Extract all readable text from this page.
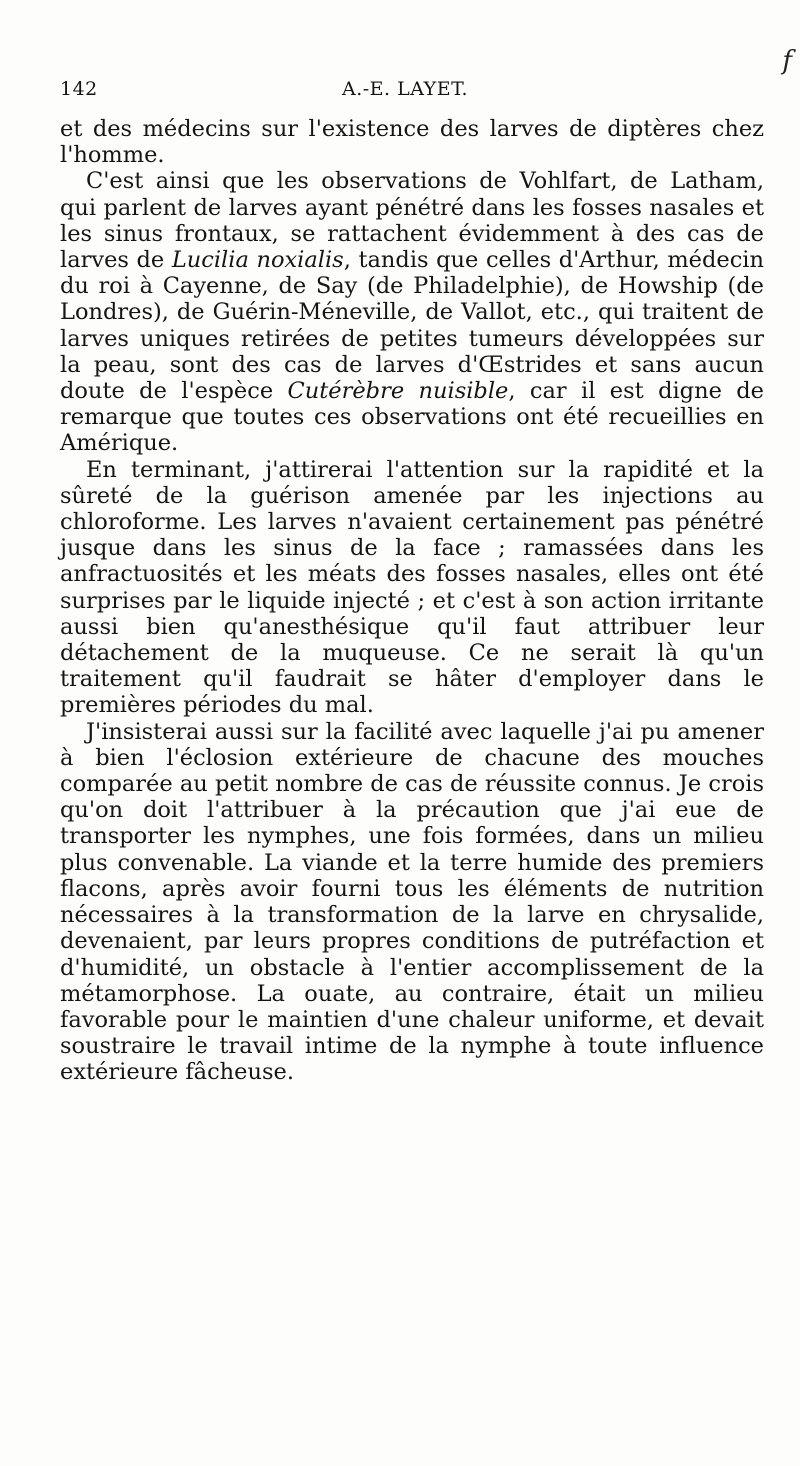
f
142	A.-E. LAYET.

et des médecins sur l'existence des larves de diptères chez l'homme.

C'est ainsi que les observations de Vohlfart, de Latham, qui parlent de larves ayant pénétré dans les fosses nasales et les sinus frontaux, se rattachent évidemment à des cas de larves de Lucilia noxialis, tandis que celles d'Arthur, médecin du roi à Cayenne, de Say (de Philadelphie), de Howship (de Londres), de Guérin-Méneville, de Vallot, etc., qui traitent de larves uniques retirées de petites tumeurs développées sur la peau, sont des cas de larves d'Œstrides et sans aucun doute de l'espèce Cutérèbre nuisible, car il est digne de remarque que toutes ces observations ont été recueillies en Amérique.

En terminant, j'attirerai l'attention sur la rapidité et la sûreté de la guérison amenée par les injections au chloroforme. Les larves n'avaient certainement pas pénétré jusque dans les sinus de la face ; ramassées dans les anfractuosités et les méats des fosses nasales, elles ont été surprises par le liquide injecté ; et c'est à son action irritante aussi bien qu'anesthésique qu'il faut attribuer leur détachement de la muqueuse. Ce ne serait là qu'un traitement qu'il faudrait se hâter d'employer dans le premières périodes du mal.

J'insisterai aussi sur la facilité avec laquelle j'ai pu amener à bien l'éclosion extérieure de chacune des mouches comparée au petit nombre de cas de réussite connus. Je crois qu'on doit l'attribuer à la précaution que j'ai eue de transporter les nymphes, une fois formées, dans un milieu plus convenable. La viande et la terre humide des premiers flacons, après avoir fourni tous les éléments de nutrition nécessaires à la transformation de la larve en chrysalide, devenaient, par leurs propres conditions de putréfaction et d'humidité, un obstacle à l'entier accomplissement de la métamorphose. La ouate, au contraire, était un milieu favorable pour le maintien d'une chaleur uniforme, et devait soustraire le travail intime de la nymphe à toute influence extérieure fâcheuse.
